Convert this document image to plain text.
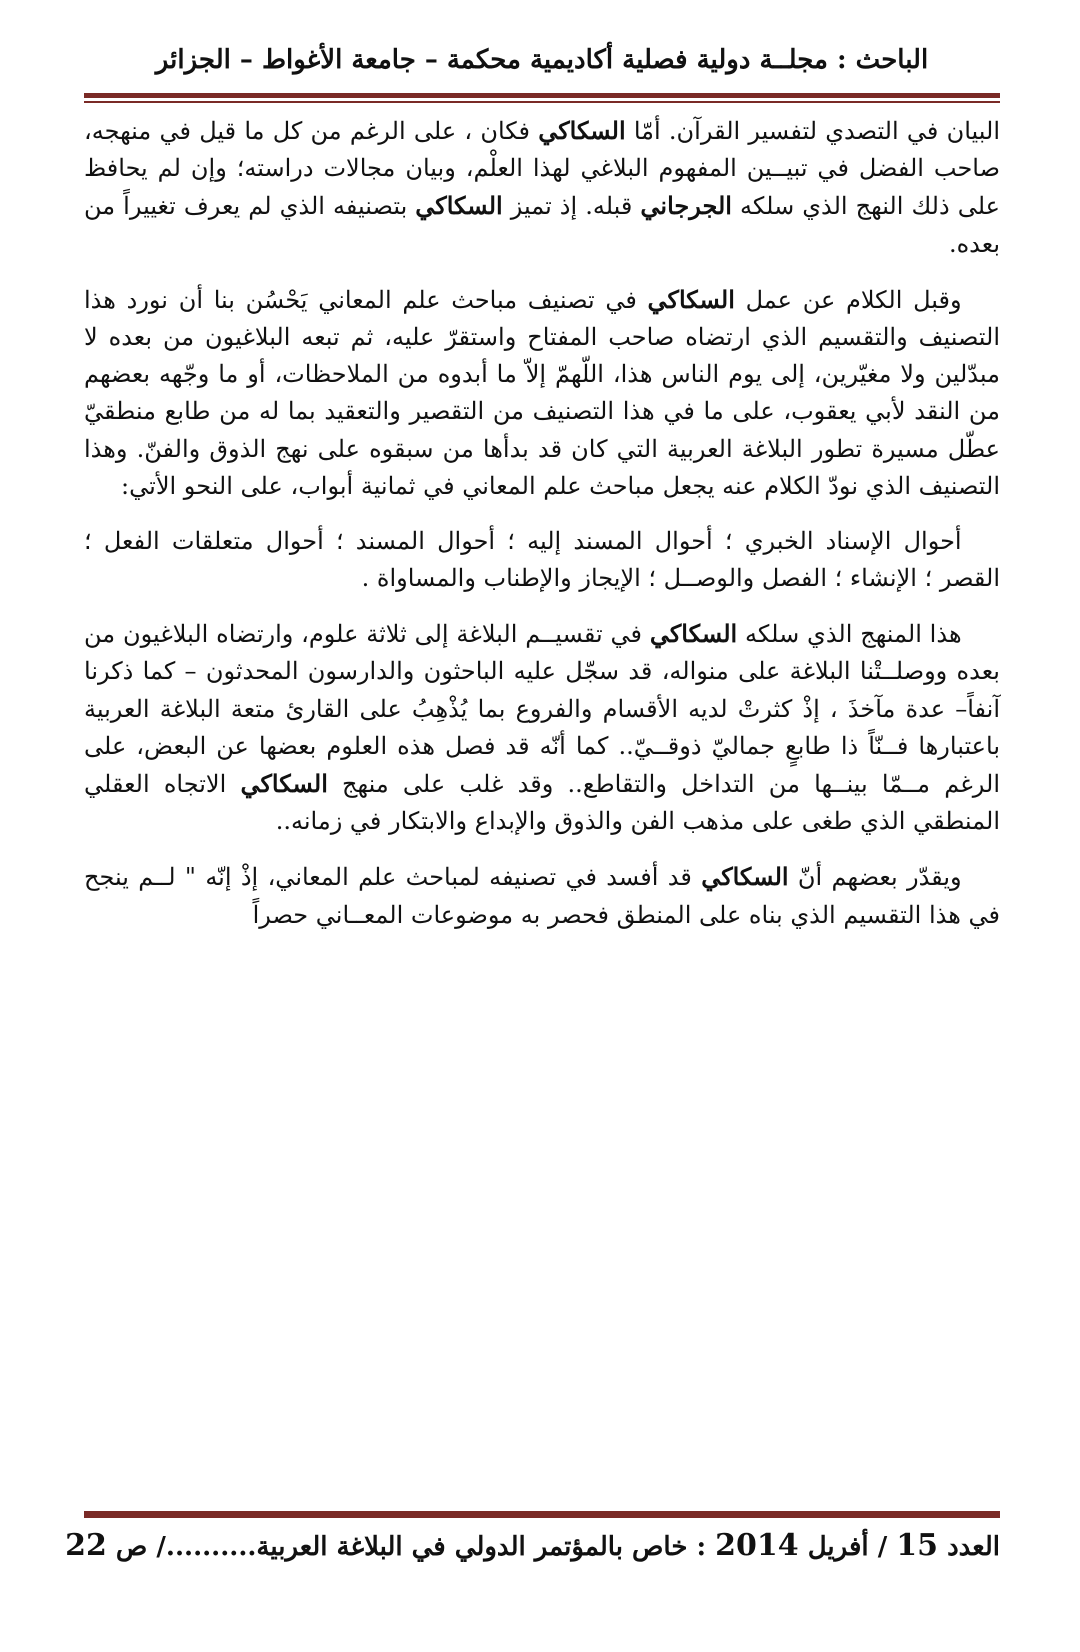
الباحث : مجلــة دولية فصلية أكاديمية محكمة – جامعة الأغواط – الجزائر

البيان في التصدي لتفسير القرآن. أمّا السكاكي فكان ، على الرغم من كل ما قيل في منهجه، صاحب الفضل في تبيــين المفهوم البلاغي لهذا العلْم، وبيان مجالات دراسته؛ وإن لم يحافظ على ذلك النهج الذي سلكه الجرجاني قبله. إذ تميز السكاكي بتصنيفه الذي لم يعرف تغييراً من بعده.

وقبل الكلام عن عمل السكاكي في تصنيف مباحث علم المعاني يَحْسُن بنا أن نورد هذا التصنيف والتقسيم الذي ارتضاه صاحب المفتاح واستقرّ عليه، ثم تبعه البلاغيون من بعده لا مبدّلين ولا مغيّرين، إلى يوم الناس هذا، اللّهمّ إلاّ ما أبدوه من الملاحظات، أو ما وجّهه بعضهم من النقد لأبي يعقوب، على ما في هذا التصنيف من التقصير والتعقيد بما له من طابع منطقيّ عطّل مسيرة تطور البلاغة العربية التي كان قد بدأها من سبقوه على نهج الذوق والفنّ. وهذا التصنيف الذي نودّ الكلام عنه يجعل مباحث علم المعاني في ثمانية أبواب، على النحو الأتي:

أحوال الإسناد الخبري ؛ أحوال المسند إليه ؛ أحوال المسند ؛ أحوال متعلقات الفعل ؛ القصر ؛ الإنشاء ؛ الفصل والوصــل ؛ الإيجاز والإطناب والمساواة .

هذا المنهج الذي سلكه السكاكي في تقسيــم البلاغة إلى ثلاثة علوم، وارتضاه البلاغيون من بعده ووصلــتْنا البلاغة على منواله، قد سجّل عليه الباحثون والدارسون المحدثون – كما ذكرنا آنفاً– عدة مآخذَ ، إذْ كثرتْ لديه الأقسام والفروع بما يُذْهِبُ على القارئ متعة البلاغة العربية باعتبارها فــنّاً ذا طابعٍ جماليّ ذوقــيّ.. كما أنّه قد فصل هذه العلوم بعضها عن البعض، على الرغم مــمّا بينــها من التداخل والتقاطع.. وقد غلب على منهج السكاكي الاتجاه العقلي المنطقي الذي طغى على مذهب الفن والذوق والإبداع والابتكار في زمانه..

ويقدّر بعضهم أنّ السكاكي قد أفسد في تصنيفه لمباحث علم المعاني، إذْ إنّه " لــم ينجح في هذا التقسيم الذي بناه على المنطق فحصر به موضوعات المعــاني حصراً

العدد 15 / أفريل 2014 : خاص بالمؤتمر الدولي في البلاغة العربية........../ ص 22
